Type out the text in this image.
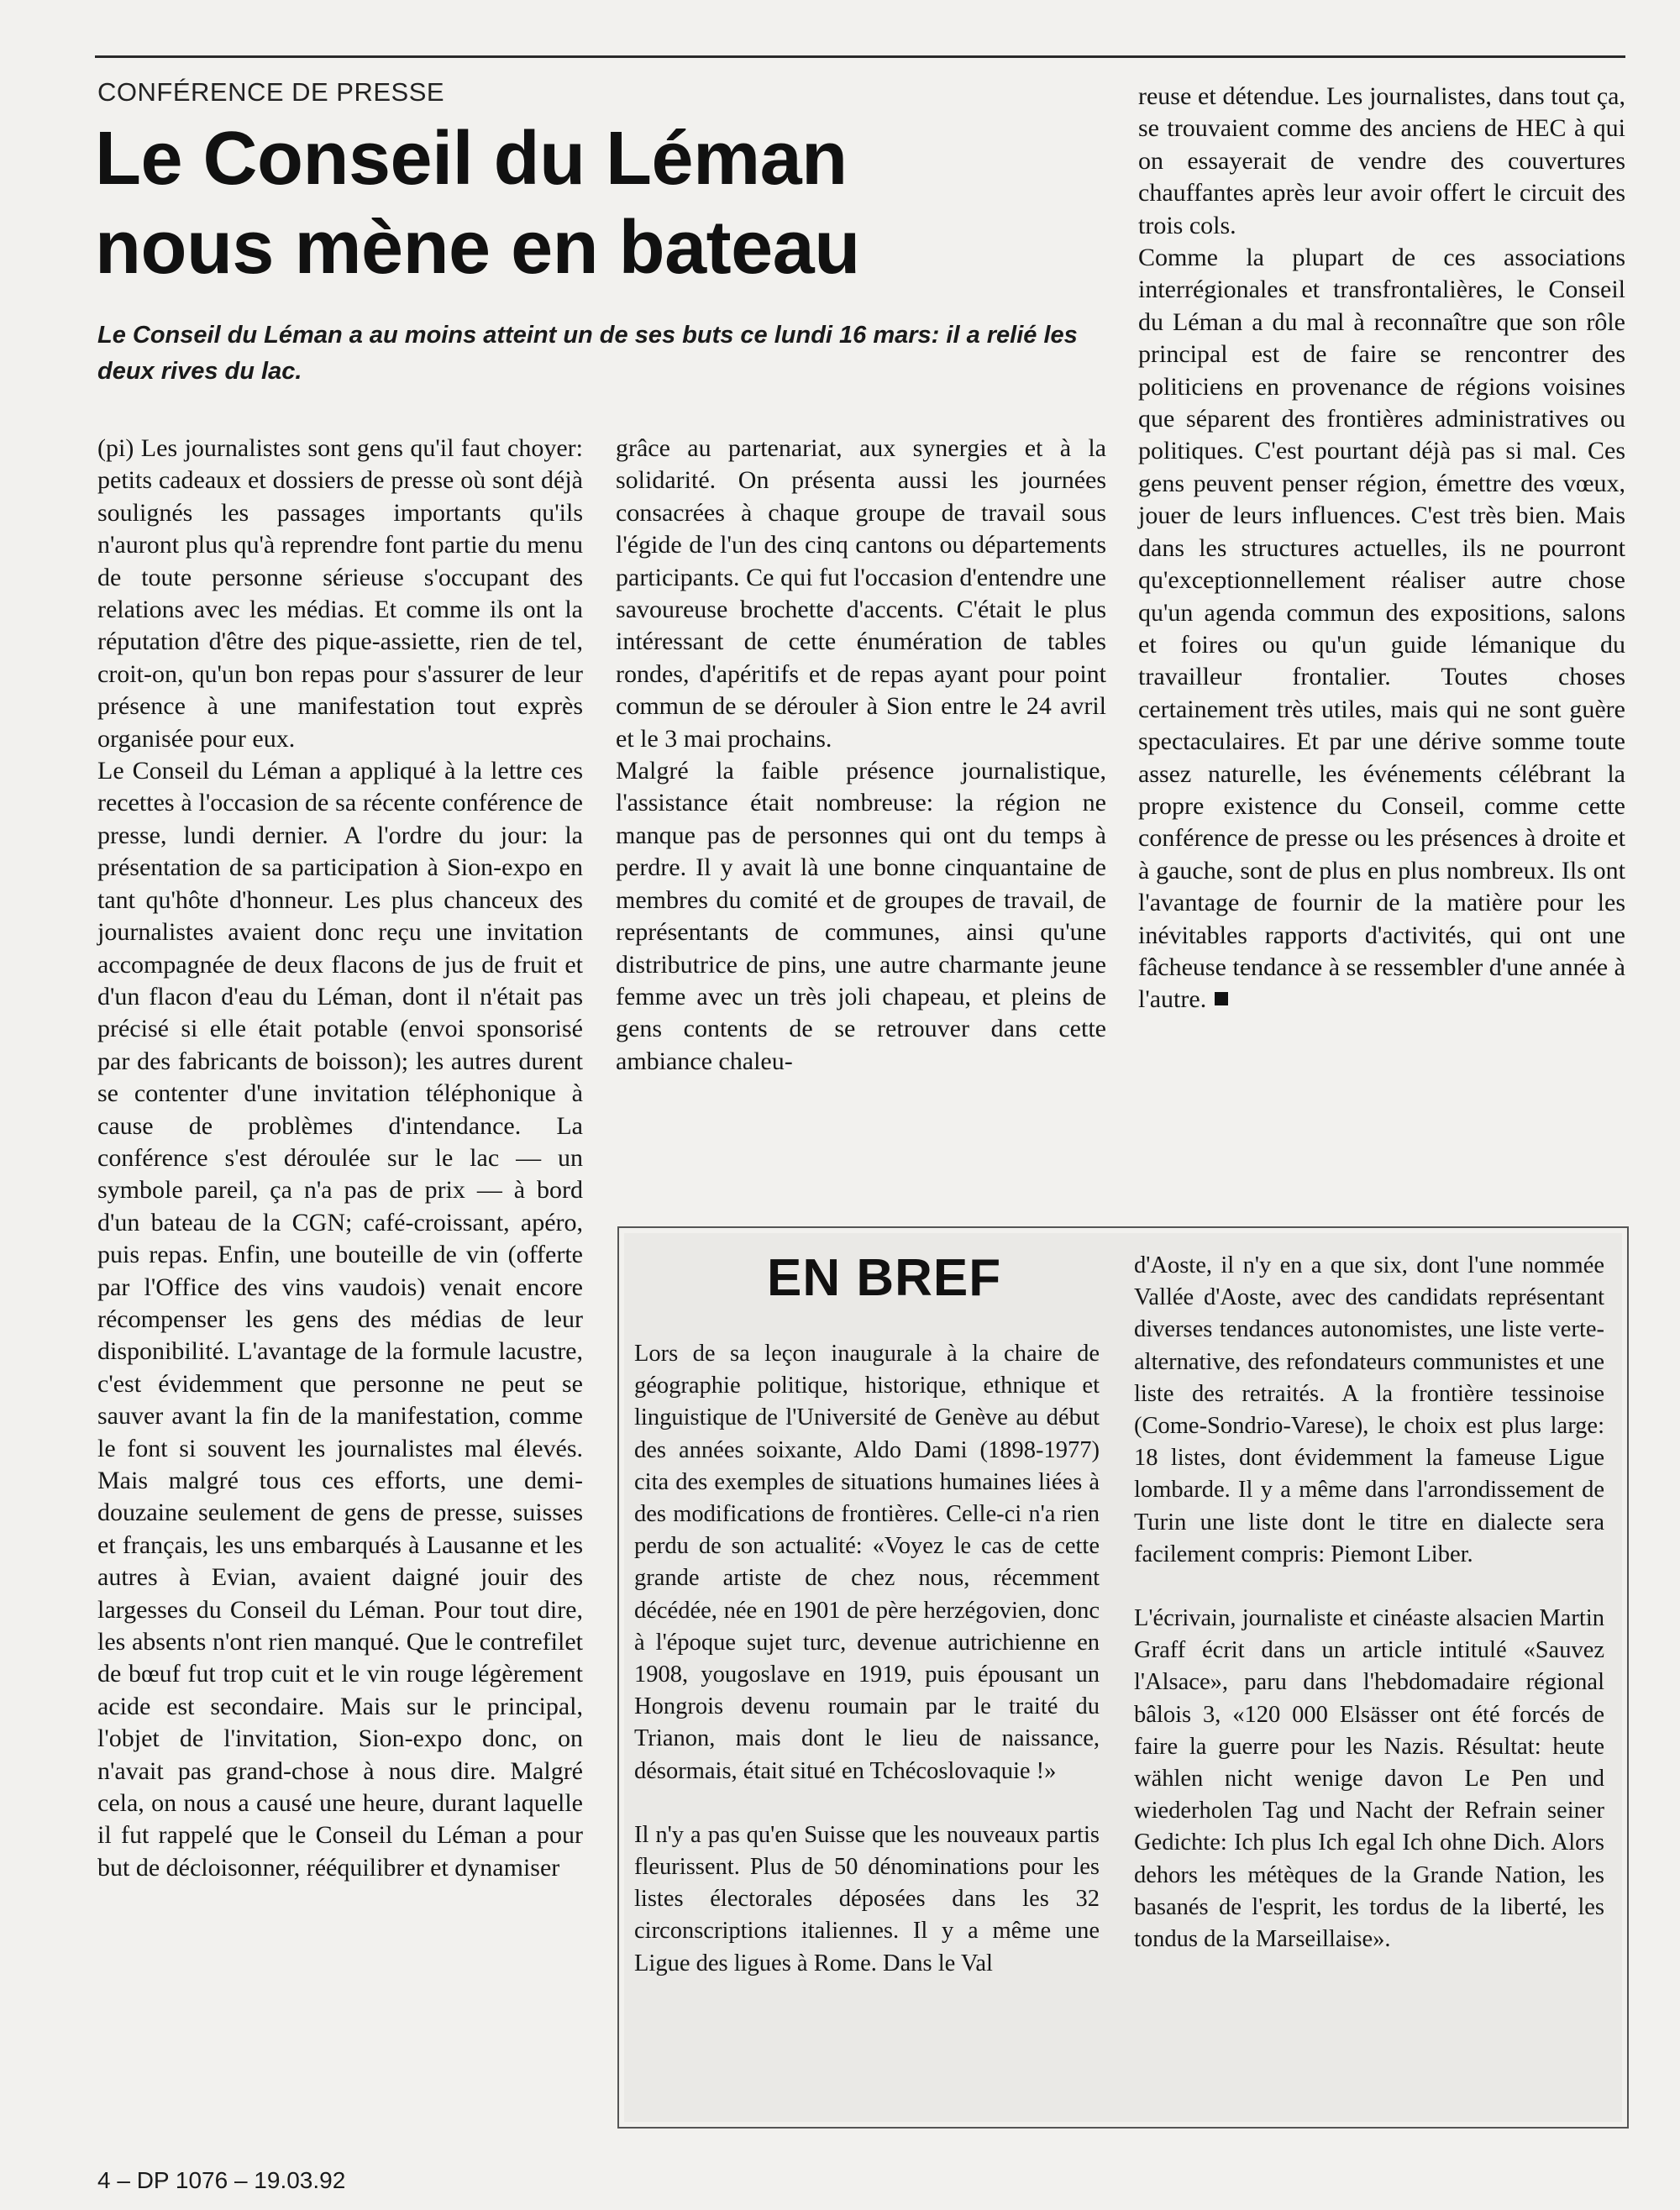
CONFÉRENCE DE PRESSE
Le Conseil du Léman
nous mène en bateau
Le Conseil du Léman a au moins atteint un de ses buts ce lundi 16 mars: il a relié les deux rives du lac.

(pi) Les journalistes sont gens qu'il faut choyer: petits cadeaux et dossiers de presse où sont déjà soulignés les passages importants qu'ils n'auront plus qu'à reprendre font partie du menu de toute personne sérieuse s'occupant des relations avec les médias. Et comme ils ont la réputation d'être des pique-assiette, rien de tel, croit-on, qu'un bon repas pour s'assurer de leur présence à une manifestation tout exprès organisée pour eux.

Le Conseil du Léman a appliqué à la lettre ces recettes à l'occasion de sa récente conférence de presse, lundi dernier. A l'ordre du jour: la présentation de sa participation à Sion-expo en tant qu'hôte d'honneur. Les plus chanceux des journalistes avaient donc reçu une invitation accompagnée de deux flacons de jus de fruit et d'un flacon d'eau du Léman, dont il n'était pas précisé si elle était potable (envoi sponsorisé par des fabricants de boisson); les autres durent se contenter d'une invitation téléphonique à cause de problèmes d'intendance. La conférence s'est déroulée sur le lac — un symbole pareil, ça n'a pas de prix — à bord d'un bateau de la CGN; café-croissant, apéro, puis repas. Enfin, une bouteille de vin (offerte par l'Office des vins vaudois) venait encore récompenser les gens des médias de leur disponibilité. L'avantage de la formule lacustre, c'est évidemment que personne ne peut se sauver avant la fin de la manifestation, comme le font si souvent les journalistes mal élevés. Mais malgré tous ces efforts, une demi-douzaine seulement de gens de presse, suisses et français, les uns embarqués à Lausanne et les autres à Evian, avaient daigné jouir des largesses du Conseil du Léman. Pour tout dire, les absents n'ont rien manqué. Que le contrefilet de bœuf fut trop cuit et le vin rouge légèrement acide est secondaire. Mais sur le principal, l'objet de l'invitation, Sion-expo donc, on n'avait pas grand-chose à nous dire. Malgré cela, on nous a causé une heure, durant laquelle il fut rappelé que le Conseil du Léman a pour but de décloisonner, rééquilibrer et dynamiser

grâce au partenariat, aux synergies et à la solidarité. On présenta aussi les journées consacrées à chaque groupe de travail sous l'égide de l'un des cinq cantons ou départements participants. Ce qui fut l'occasion d'entendre une savoureuse brochette d'accents. C'était le plus intéressant de cette énumération de tables rondes, d'apéritifs et de repas ayant pour point commun de se dérouler à Sion entre le 24 avril et le 3 mai prochains.

Malgré la faible présence journalistique, l'assistance était nombreuse: la région ne manque pas de personnes qui ont du temps à perdre. Il y avait là une bonne cinquantaine de membres du comité et de groupes de travail, de représentants de communes, ainsi qu'une distributrice de pins, une autre charmante jeune femme avec un très joli chapeau, et pleins de gens contents de se retrouver dans cette ambiance chaleu-

reuse et détendue. Les journalistes, dans tout ça, se trouvaient comme des anciens de HEC à qui on essayerait de vendre des couvertures chauffantes après leur avoir offert le circuit des trois cols.

Comme la plupart de ces associations interrégionales et transfrontalières, le Conseil du Léman a du mal à reconnaître que son rôle principal est de faire se rencontrer des politiciens en provenance de régions voisines que séparent des frontières administratives ou politiques. C'est pourtant déjà pas si mal. Ces gens peuvent penser région, émettre des vœux, jouer de leurs influences. C'est très bien. Mais dans les structures actuelles, ils ne pourront qu'exceptionnellement réaliser autre chose qu'un agenda commun des expositions, salons et foires ou qu'un guide lémanique du travailleur frontalier. Toutes choses certainement très utiles, mais qui ne sont guère spectaculaires. Et par une dérive somme toute assez naturelle, les événements célébrant la propre existence du Conseil, comme cette conférence de presse ou les présences à droite et à gauche, sont de plus en plus nombreux. Ils ont l'avantage de fournir de la matière pour les inévitables rapports d'activités, qui ont une fâcheuse tendance à se ressembler d'une année à l'autre.

EN BREF

Lors de sa leçon inaugurale à la chaire de géographie politique, historique, ethnique et linguistique de l'Université de Genève au début des années soixante, Aldo Dami (1898-1977) cita des exemples de situations humaines liées à des modifications de frontières. Celle-ci n'a rien perdu de son actualité: «Voyez le cas de cette grande artiste de chez nous, récemment décédée, née en 1901 de père herzégovien, donc à l'époque sujet turc, devenue autrichienne en 1908, yougoslave en 1919, puis épousant un Hongrois devenu roumain par le traité du Trianon, mais dont le lieu de naissance, désormais, était situé en Tchécoslovaquie !»

Il n'y a pas qu'en Suisse que les nouveaux partis fleurissent. Plus de 50 dénominations pour les listes électorales déposées dans les 32 circonscriptions italiennes. Il y a même une Ligue des ligues à Rome. Dans le Val

d'Aoste, il n'y en a que six, dont l'une nommée Vallée d'Aoste, avec des candidats représentant diverses tendances autonomistes, une liste verte-alternative, des refondateurs communistes et une liste des retraités. A la frontière tessinoise (Come-Sondrio-Varese), le choix est plus large: 18 listes, dont évidemment la fameuse Ligue lombarde. Il y a même dans l'arrondissement de Turin une liste dont le titre en dialecte sera facilement compris: Piemont Liber.

L'écrivain, journaliste et cinéaste alsacien Martin Graff écrit dans un article intitulé «Sauvez l'Alsace», paru dans l'hebdomadaire régional bâlois 3, «120 000 Elsässer ont été forcés de faire la guerre pour les Nazis. Résultat: heute wählen nicht wenige davon Le Pen und wiederholen Tag und Nacht der Refrain seiner Gedichte: Ich plus Ich egal Ich ohne Dich. Alors dehors les métèques de la Grande Nation, les basanés de l'esprit, les tordus de la liberté, les tondus de la Marseillaise».

4 – DP 1076 – 19.03.92
